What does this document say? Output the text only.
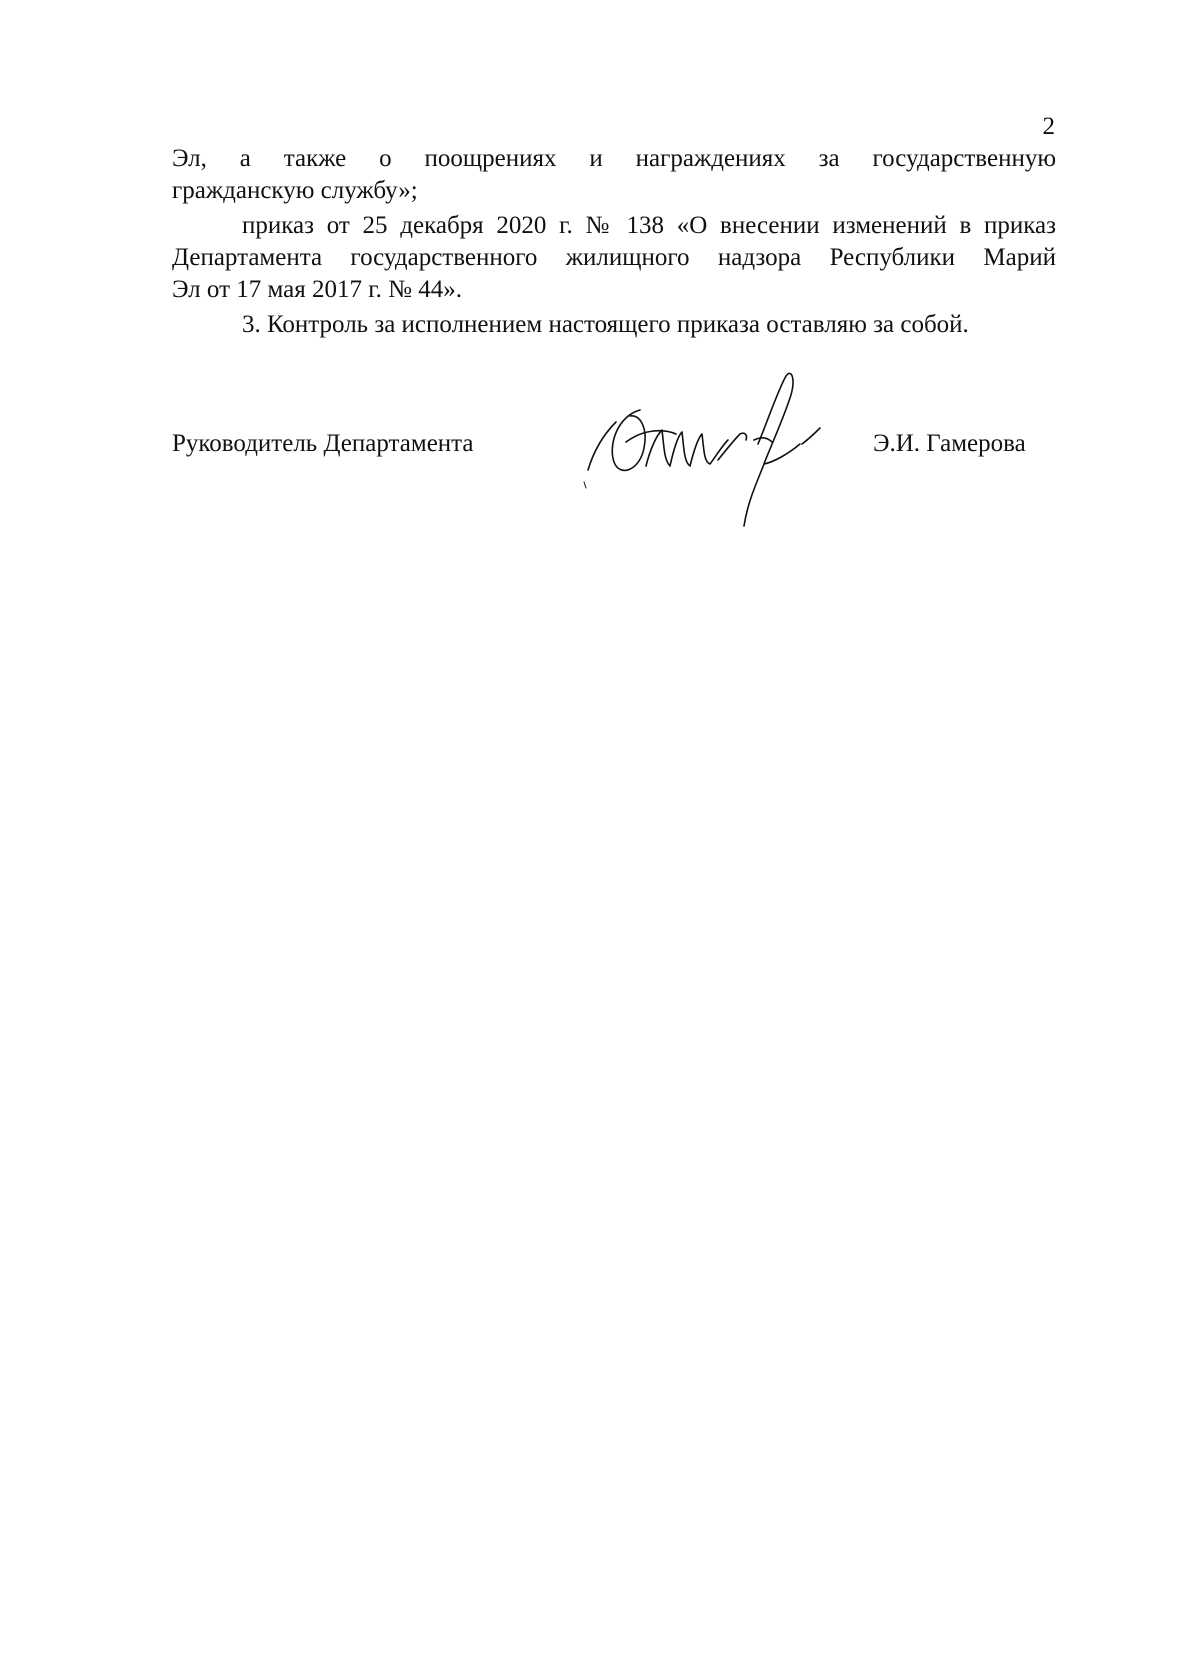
2

Эл, а также о поощрениях и награждениях за государственную
гражданскую службу»;

приказ от 25 декабря 2020 г. № 138 «О внесении изменений в приказ
Департамента государственного жилищного надзора Республики Марий
Эл от 17 мая 2017 г. № 44».

3. Контроль за исполнением настоящего приказа оставляю за собой.

Руководитель Департамента	Э.И. Гамерова
